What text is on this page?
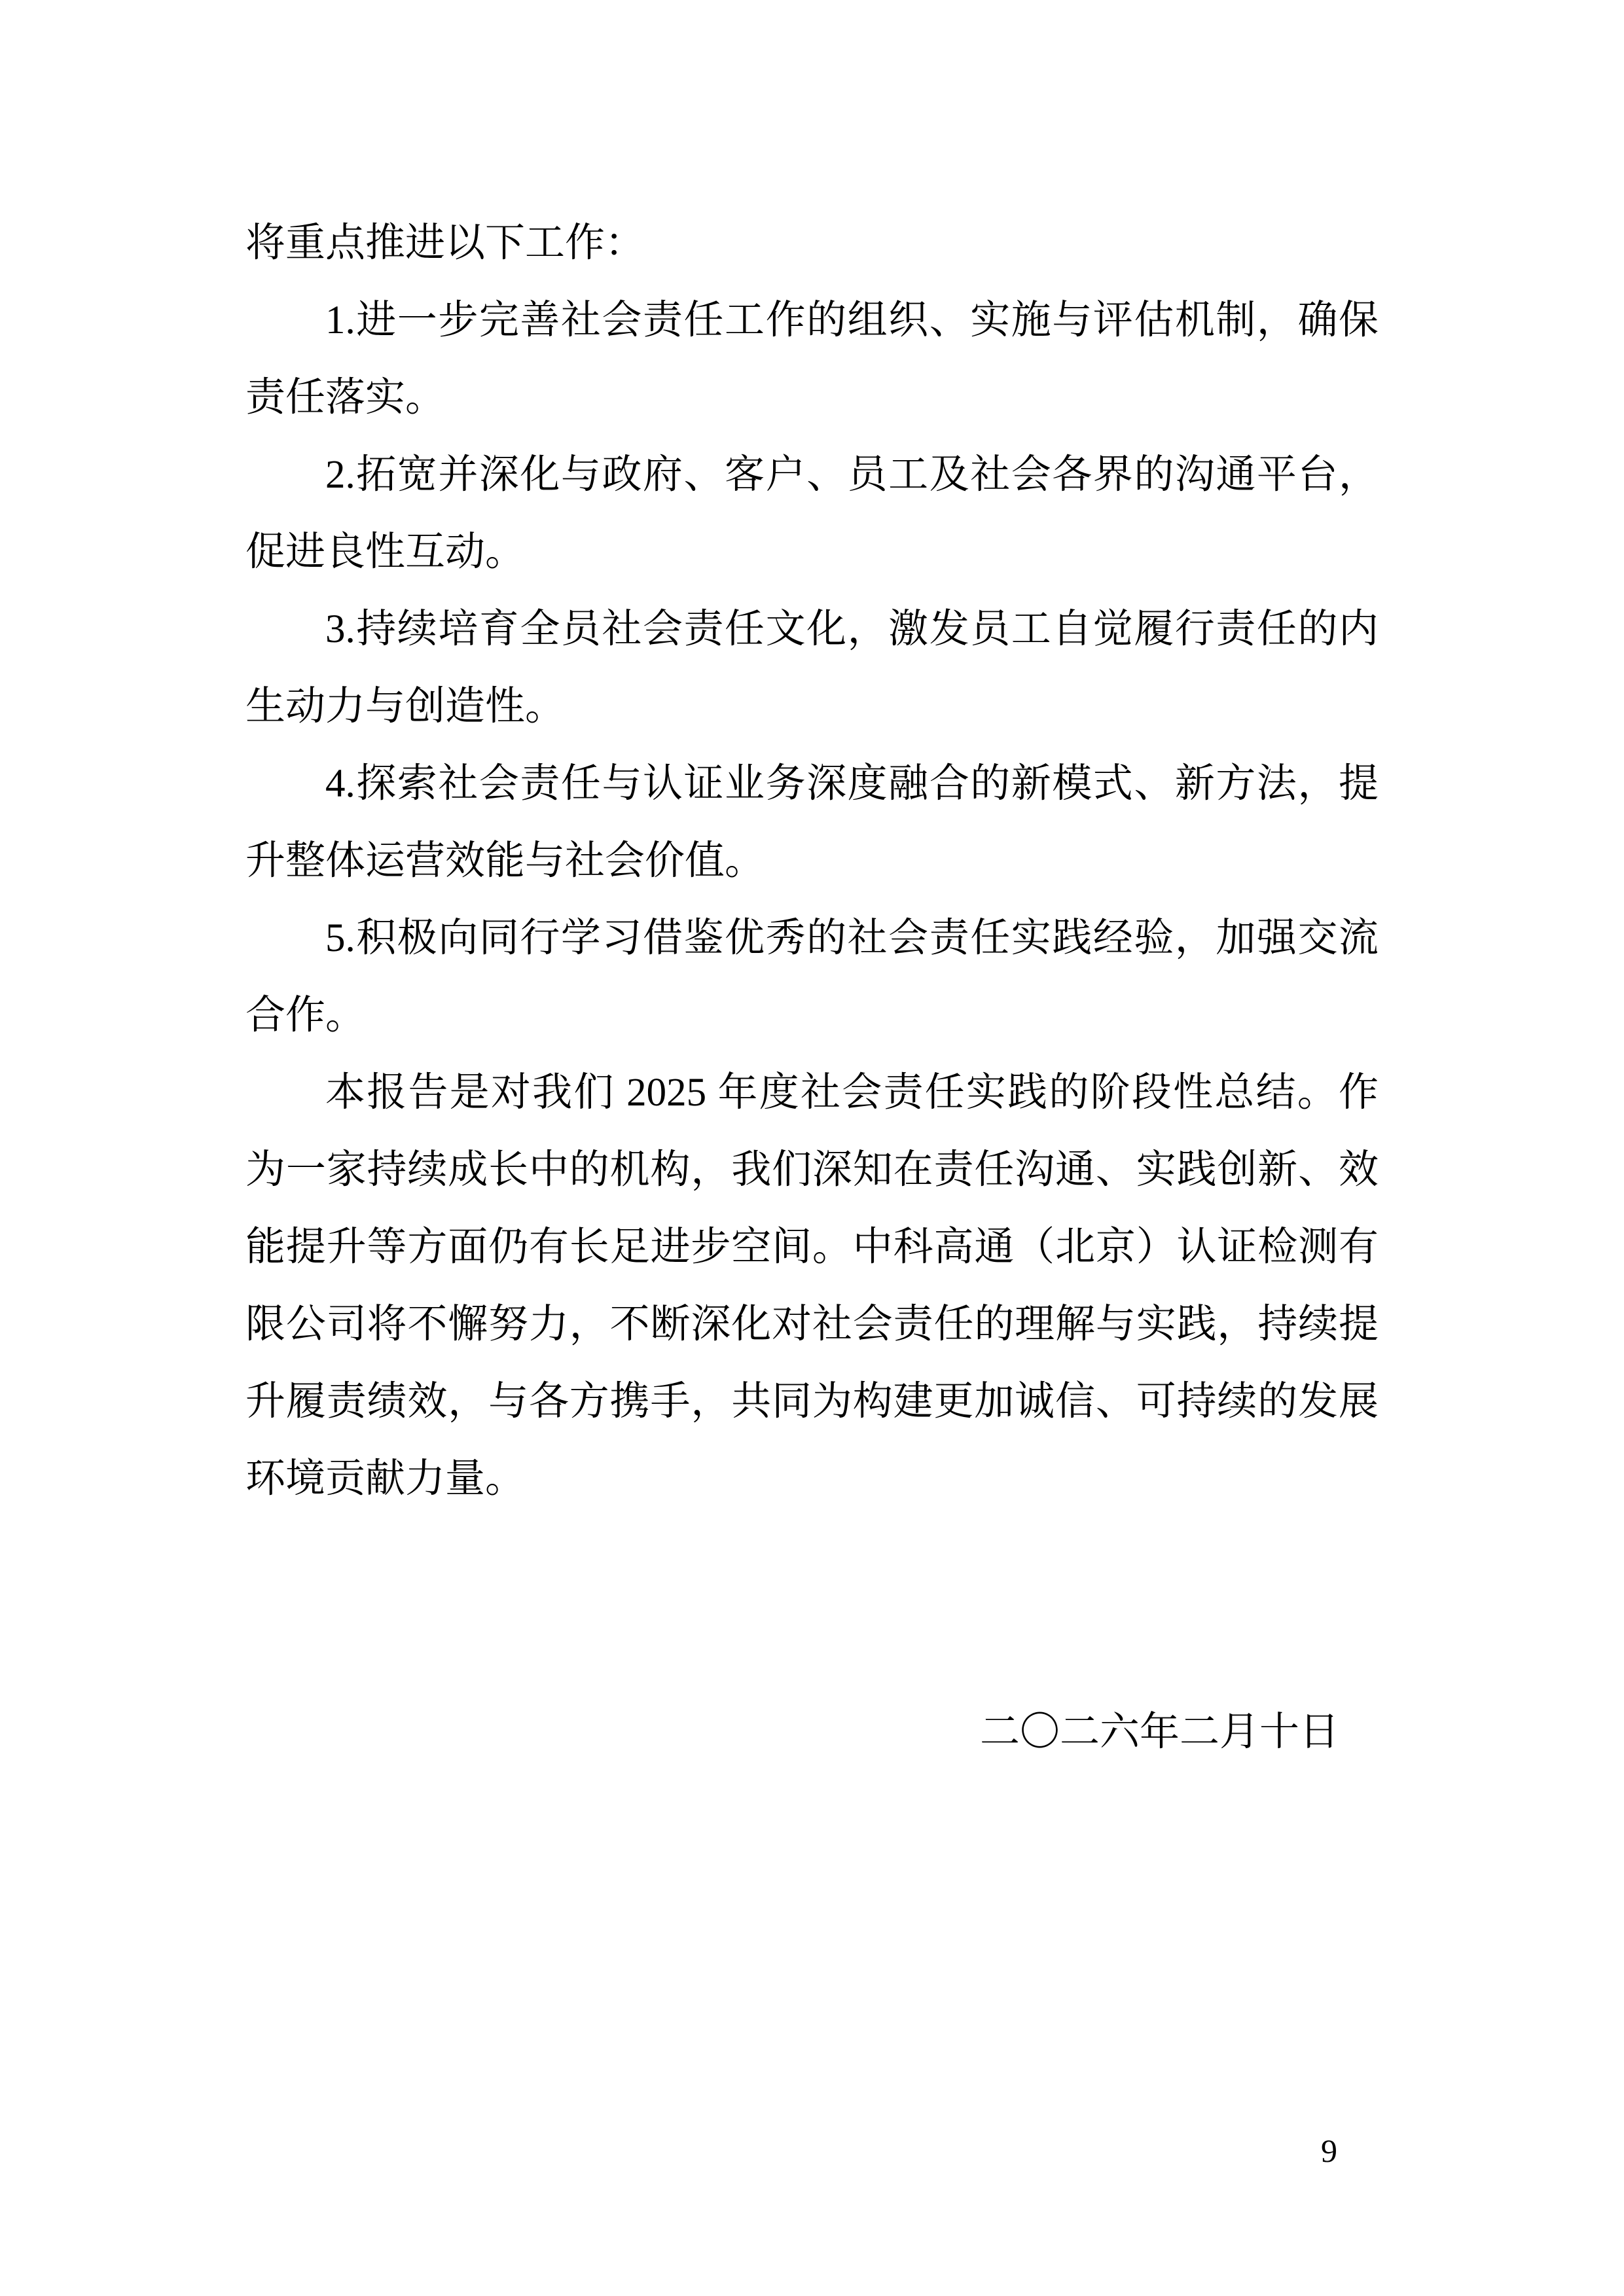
将重点推进以下工作：
1.进一步完善社会责任工作的组织、实施与评估机制，确保
责任落实。
2.拓宽并深化与政府、客户、员工及社会各界的沟通平台，
促进良性互动。
3.持续培育全员社会责任文化，激发员工自觉履行责任的内
生动力与创造性。
4.探索社会责任与认证业务深度融合的新模式、新方法，提
升整体运营效能与社会价值。
5.积极向同行学习借鉴优秀的社会责任实践经验，加强交流
合作。
本报告是对我们 2025 年度社会责任实践的阶段性总结。作
为一家持续成长中的机构，我们深知在责任沟通、实践创新、效
能提升等方面仍有长足进步空间。中科高通（北京）认证检测有
限公司将不懈努力，不断深化对社会责任的理解与实践，持续提
升履责绩效，与各方携手，共同为构建更加诚信、可持续的发展
环境贡献力量。
二〇二六年二月十日
9
